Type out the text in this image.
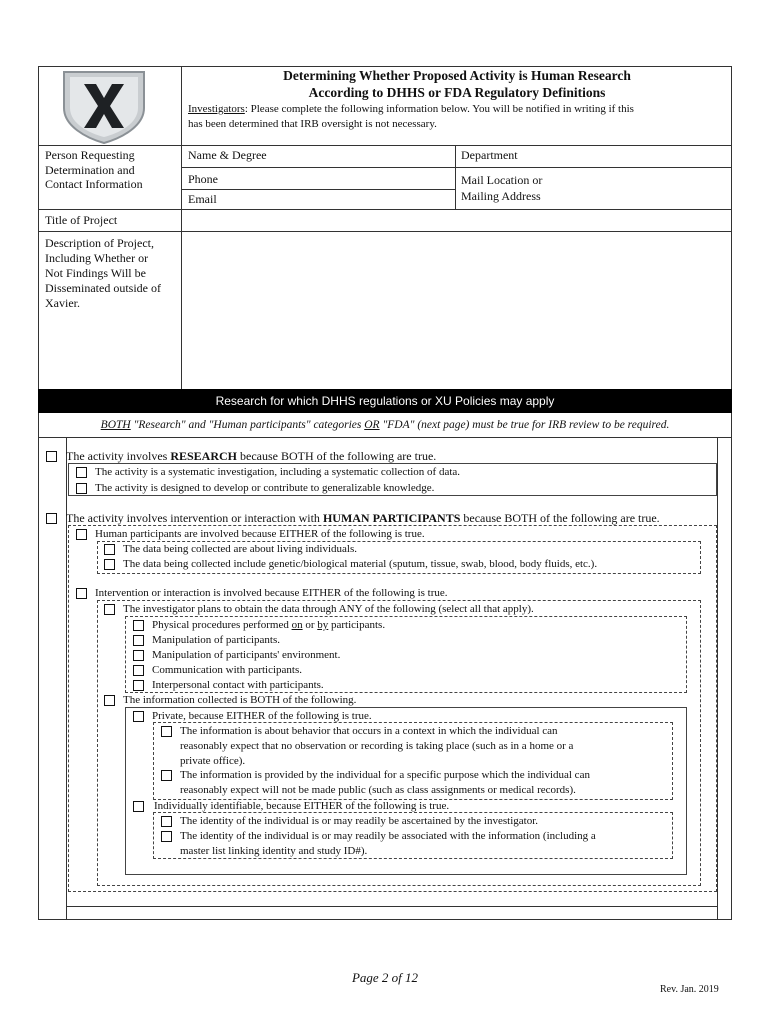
Determining Whether Proposed Activity is Human Research
According to DHHS or FDA Regulatory Definitions
Investigators: Please complete the following information below. You will be notified in writing if this
has been determined that IRB oversight is not necessary.
Person Requesting
Determination and
Contact Information
Name & Degree	Department
Phone	Mail Location or
Mailing Address
Email
Title of Project
Description of Project,
Including Whether or
Not Findings Will be
Disseminated outside of
Xavier.
Research for which DHHS regulations or XU Policies may apply
BOTH "Research" and "Human participants" categories OR "FDA" (next page) must be true for IRB review to be required.
The activity involves RESEARCH because BOTH of the following are true.
The activity is a systematic investigation, including a systematic collection of data.
The activity is designed to develop or contribute to generalizable knowledge.
The activity involves intervention or interaction with HUMAN PARTICIPANTS because BOTH of the following are true.
Human participants are involved because EITHER of the following is true.
The data being collected are about living individuals.
The data being collected include genetic/biological material (sputum, tissue, swab, blood, body fluids, etc.).
Intervention or interaction is involved because EITHER of the following is true.
The investigator plans to obtain the data through ANY of the following (select all that apply).
Physical procedures performed on or by participants.
Manipulation of participants.
Manipulation of participants' environment.
Communication with participants.
Interpersonal contact with participants.
The information collected is BOTH of the following.
Private, because EITHER of the following is true.
The information is about behavior that occurs in a context in which the individual can
reasonably expect that no observation or recording is taking place (such as in a home or a
private office).
The information is provided by the individual for a specific purpose which the individual can
reasonably expect will not be made public (such as class assignments or medical records).
Individually identifiable, because EITHER of the following is true.
The identity of the individual is or may readily be ascertained by the investigator.
The identity of the individual is or may readily be associated with the information (including a
master list linking identity and study ID#).
Page 2 of 12
Rev. Jan. 2019
